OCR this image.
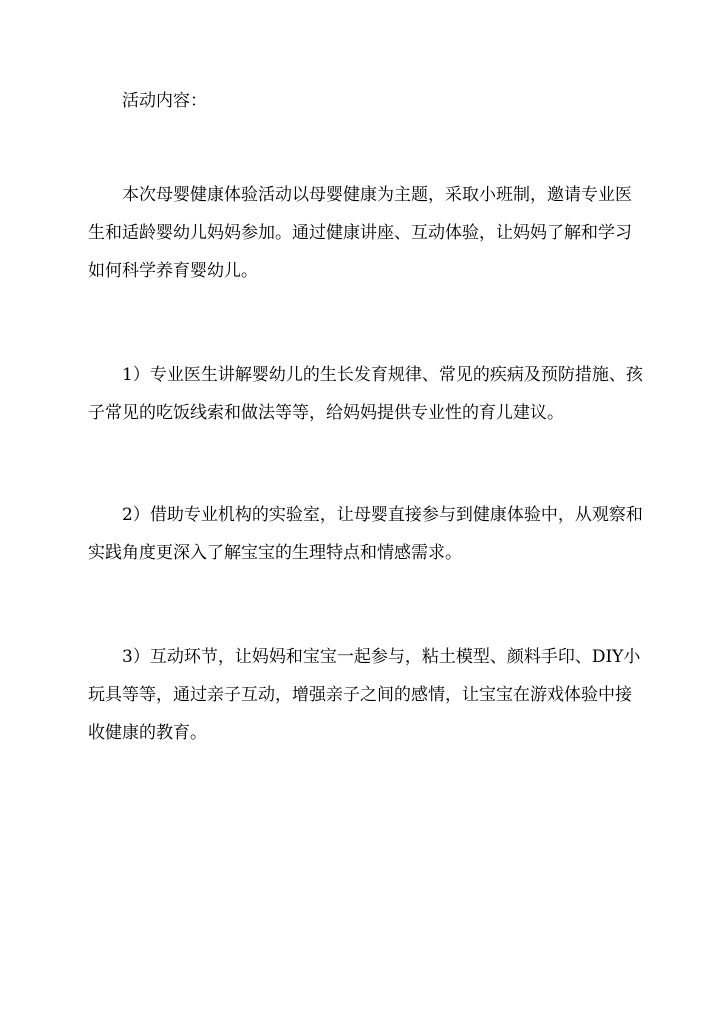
活动内容：

本次母婴健康体验活动以母婴健康为主题，采取小班制，邀请专业医生和适龄婴幼儿妈妈参加。通过健康讲座、互动体验，让妈妈了解和学习如何科学养育婴幼儿。

1）专业医生讲解婴幼儿的生长发育规律、常见的疾病及预防措施、孩子常见的吃饭线索和做法等等，给妈妈提供专业性的育儿建议。

2）借助专业机构的实验室，让母婴直接参与到健康体验中，从观察和实践角度更深入了解宝宝的生理特点和情感需求。

3）互动环节，让妈妈和宝宝一起参与，粘土模型、颜料手印、DIY小玩具等等，通过亲子互动，增强亲子之间的感情，让宝宝在游戏体验中接收健康的教育。
